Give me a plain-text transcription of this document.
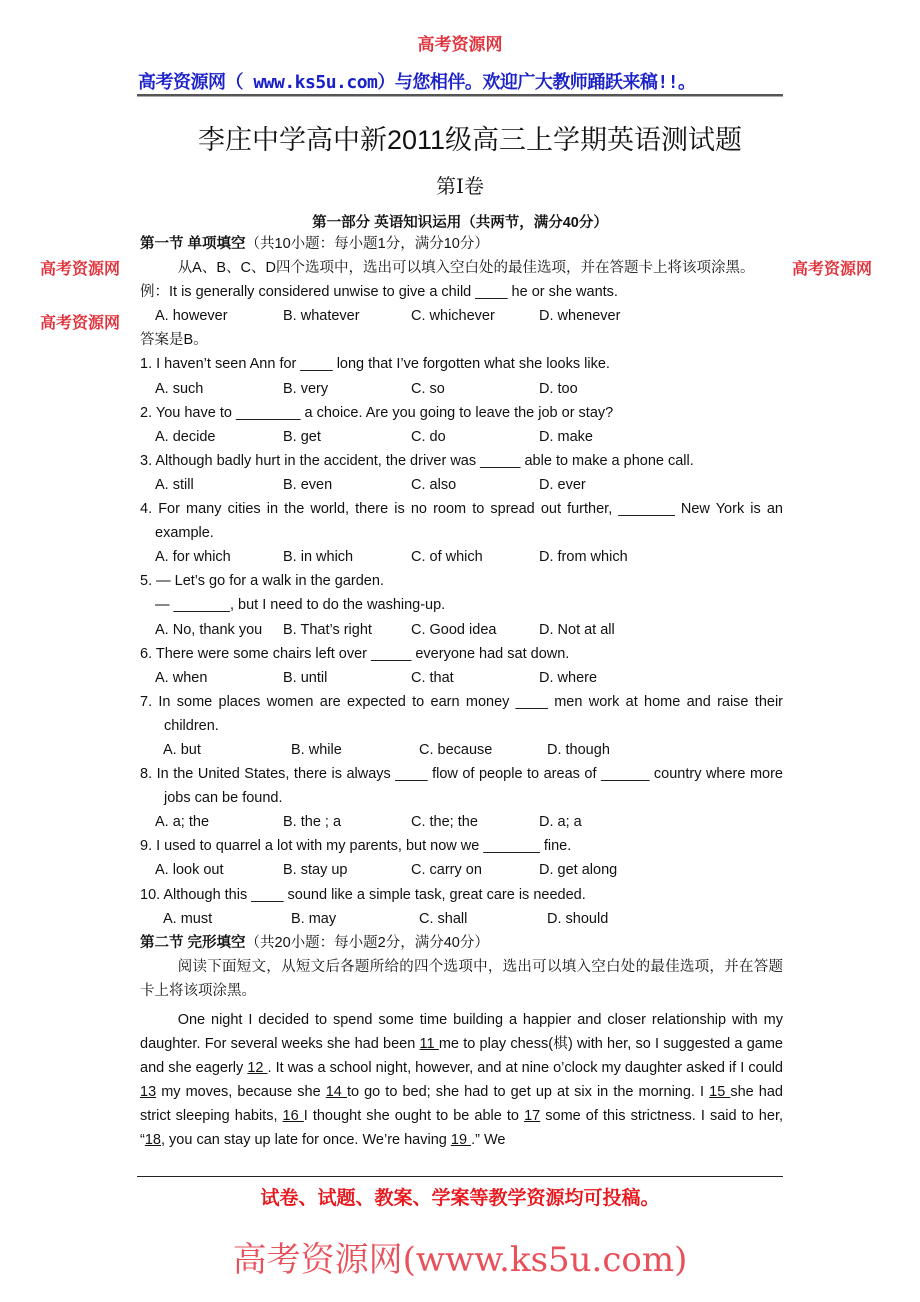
高考资源网
高考资源网（ www.ks5u.com）与您相伴。欢迎广大教师踊跃来稿!!。
李庄中学高中新2011级高三上学期英语测试题
第Ⅰ卷
第一部分 英语知识运用（共两节，满分40分）
第一节 单项填空（共10小题：每小题1分，满分10分）
从A、B、C、D四个选项中，选出可以填入空白处的最佳选项，并在答题卡上将该项涂黑。
例：It is generally considered unwise to give a child ____ he or she wants.
A. however	B. whatever	C. whichever	D. whenever
答案是B。
1. I haven’t seen Ann for ____ long that I’ve forgotten what she looks like.
A. such	B. very	C. so	D. too
2. You have to ________ a choice. Are you going to leave the job or stay?
A. decide	B. get	C. do	D. make
3. Although badly hurt in the accident, the driver was _____ able to make a phone call.
A. still	B. even	C. also	D. ever
4. For many cities in the world, there is no room to spread out further, _______ New York is an example.
A. for which	B. in which	C. of which	D. from which
5. — Let’s go for a walk in the garden.
— _______, but I need to do the washing-up.
A. No, thank you	B. That’s right	C. Good idea	D. Not at all
6. There were some chairs left over _____ everyone had sat down.
A. when	B. until	C. that	D. where
7. In some places women are expected to earn money ____ men work at home and raise their children.
A. but	B. while	C. because	D. though
8. In the United States, there is always ____ flow of people to areas of ______ country where more jobs can be found.
A. a; the	B. the ; a	C. the; the	D. a; a
9. I used to quarrel a lot with my parents, but now we _______ fine.
A. look out	B. stay up	C. carry on	D. get along
10. Although this ____ sound like a simple task, great care is needed.
A. must	B. may	C. shall	D. should
第二节 完形填空（共20小题：每小题2分，满分40分）
阅读下面短文，从短文后各题所给的四个选项中，选出可以填入空白处的最佳选项，并在答题卡上将该项涂黑。
One night I decided to spend some time building a happier and closer relationship with my daughter. For several weeks she had been 11 me to play chess(棋) with her, so I suggested a game and she eagerly 12 . It was a school night, however, and at nine o’clock my daughter asked if I could 13 my moves, because she 14 to go to bed; she had to get up at six in the morning. I 15 she had strict sleeping habits, 16 I thought she ought to be able to 17 some of this strictness. I said to her, “18, you can stay up late for once. We’re having 19 .” We
高考资源网	高考资源网
高考资源网
高考资源网(www.ks5u.com)
试卷、试题、教案、学案等教学资源均可投稿。
